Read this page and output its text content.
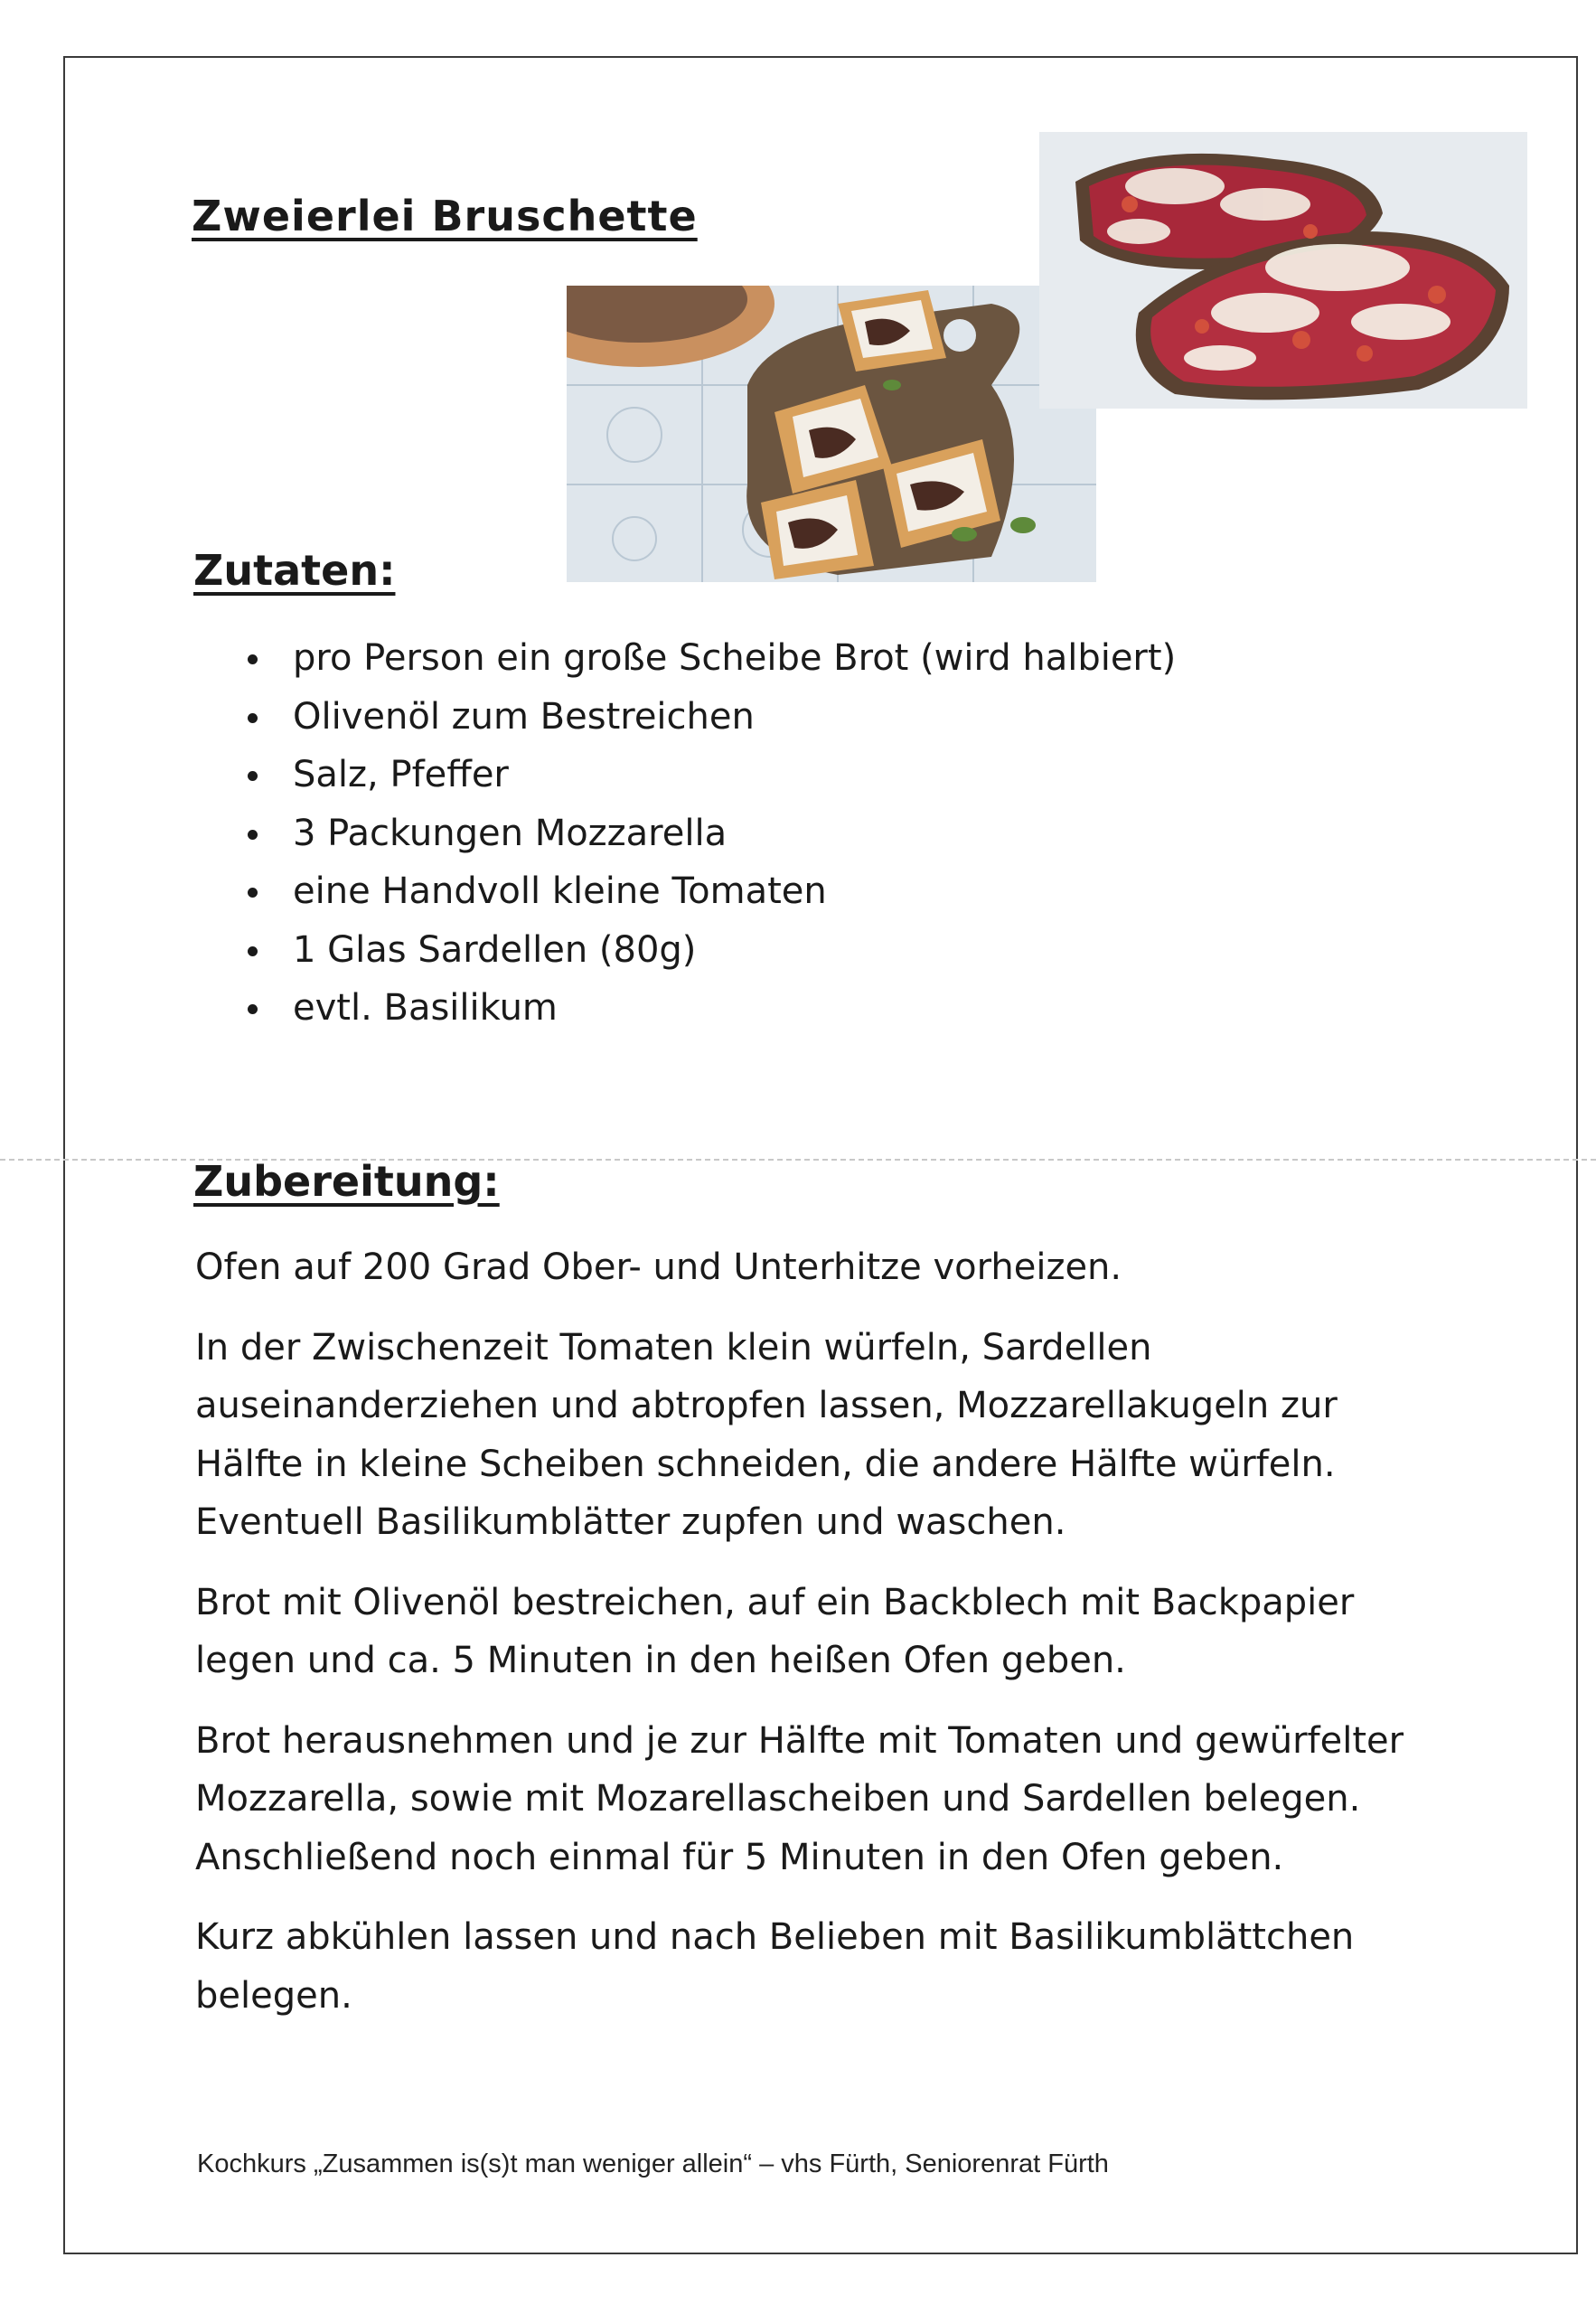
Zweierlei Bruschette
Zutaten:
pro Person ein große Scheibe Brot (wird halbiert)
Olivenöl zum Bestreichen
Salz, Pfeffer
3 Packungen Mozzarella
eine Handvoll kleine Tomaten
1 Glas Sardellen (80g)
evtl. Basilikum
Zubereitung:

Ofen auf 200 Grad Ober- und Unterhitze vorheizen.

In der Zwischenzeit Tomaten klein würfeln, Sardellen auseinanderziehen und abtropfen lassen, Mozzarellakugeln zur Hälfte in kleine Scheiben schneiden, die andere Hälfte würfeln. Eventuell Basilikumblätter zupfen und waschen.

Brot mit Olivenöl bestreichen, auf ein Backblech mit Backpapier legen und ca. 5 Minuten in den heißen Ofen geben.

Brot herausnehmen und je zur Hälfte mit Tomaten und gewürfelter Mozzarella, sowie mit Mozarellascheiben und Sardellen belegen. Anschließend noch einmal für 5 Minuten in den Ofen geben.

Kurz abkühlen lassen und nach Belieben mit Basilikumblättchen belegen.

Kochkurs „Zusammen is(s)t man weniger allein“ – vhs Fürth, Seniorenrat Fürth
